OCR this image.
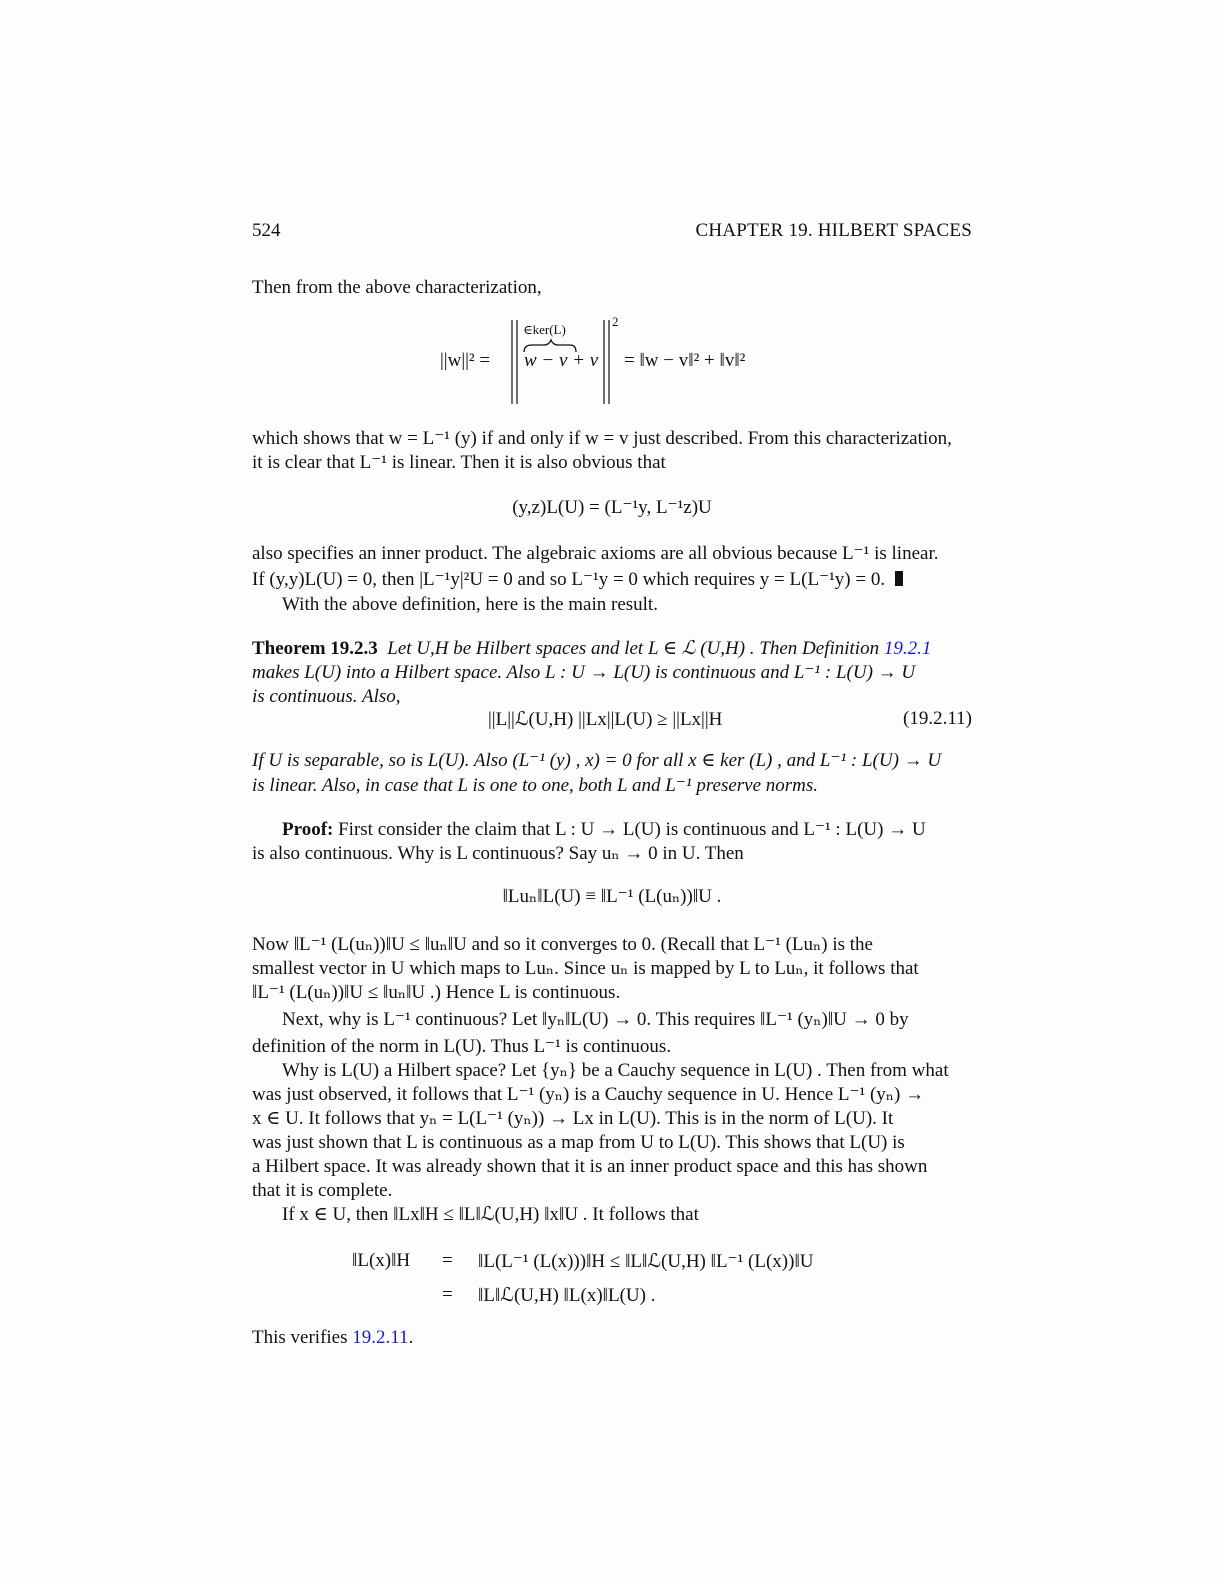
524	CHAPTER 19. HILBERT SPACES
Then from the above characterization,
||w||² =
∈ker(L)
w − v + v
2
= ‖w − v‖² + ‖v‖²
which shows that w = L⁻¹ (y) if and only if w = v just described. From this characterization,
it is clear that L⁻¹ is linear. Then it is also obvious that
(y,z)L(U) = (L⁻¹y, L⁻¹z)U
also specifies an inner product. The algebraic axioms are all obvious because L⁻¹ is linear.
If (y,y)L(U) = 0, then |L⁻¹y|²U = 0 and so L⁻¹y = 0 which requires y = L(L⁻¹y) = 0.
With the above definition, here is the main result.
Theorem 19.2.3 Let U,H be Hilbert spaces and let L ∈ ℒ (U,H) . Then Definition 19.2.1
makes L(U) into a Hilbert space. Also L : U → L(U) is continuous and L⁻¹ : L(U) → U
is continuous. Also,
||L||ℒ(U,H) ||Lx||L(U) ≥ ||Lx||H	(19.2.11)
If U is separable, so is L(U). Also (L⁻¹ (y) , x) = 0 for all x ∈ ker (L) , and L⁻¹ : L(U) → U
is linear. Also, in case that L is one to one, both L and L⁻¹ preserve norms.
Proof: First consider the claim that L : U → L(U) is continuous and L⁻¹ : L(U) → U
is also continuous. Why is L continuous? Say uₙ → 0 in U. Then
‖Luₙ‖L(U) ≡ ‖L⁻¹ (L(uₙ))‖U .
Now ‖L⁻¹ (L(uₙ))‖U ≤ ‖uₙ‖U and so it converges to 0. (Recall that L⁻¹ (Luₙ) is the
smallest vector in U which maps to Luₙ. Since uₙ is mapped by L to Luₙ, it follows that
‖L⁻¹ (L(uₙ))‖U ≤ ‖uₙ‖U .) Hence L is continuous.
Next, why is L⁻¹ continuous? Let ‖yₙ‖L(U) → 0. This requires ‖L⁻¹ (yₙ)‖U → 0 by
definition of the norm in L(U). Thus L⁻¹ is continuous.
Why is L(U) a Hilbert space? Let {yₙ} be a Cauchy sequence in L(U) . Then from what
was just observed, it follows that L⁻¹ (yₙ) is a Cauchy sequence in U. Hence L⁻¹ (yₙ) →
x ∈ U. It follows that yₙ = L(L⁻¹ (yₙ)) → Lx in L(U). This is in the norm of L(U). It
was just shown that L is continuous as a map from U to L(U). This shows that L(U) is
a Hilbert space. It was already shown that it is an inner product space and this has shown
that it is complete.
If x ∈ U, then ‖Lx‖H ≤ ‖L‖ℒ(U,H) ‖x‖U . It follows that
‖L(x)‖H = ‖L(L⁻¹ (L(x)))‖H ≤ ‖L‖ℒ(U,H) ‖L⁻¹ (L(x))‖U
= ‖L‖ℒ(U,H) ‖L(x)‖L(U) .
This verifies 19.2.11.
